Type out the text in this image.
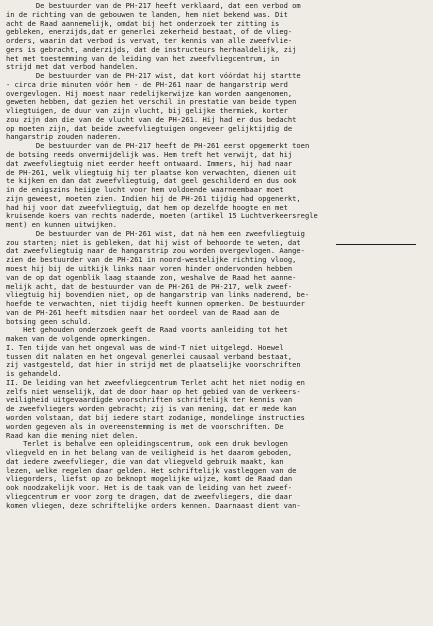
De bestuurder van de PH-217 heeft verklaard, dat een verbod om
in de richting van de gebouwen te landen, hem niet bekend was. Dit
acht de Raad aannemelijk, omdat bij het onderzoek ter zitting is
gebleken, enerzijds,dat er generlei zekerheid bestaat, of de vlieg-
orders, waarin dat verbod is vervat, ter kennis van alle zweefvlie-
gers is gebracht, anderzijds, dat de instructeurs herhaaldelijk, zij
het met toestemming van de leiding van het zweefvliegcentrum, in
strijd met dat verbod handelen.
De bestuurder van de PH-217 wist, dat kort vóórdat hij startte
- circa drie minuten vóór hem - de PH-261 naar de hangarstrip werd
overgevlogen. Hij moest naar redelijkerwijze kan worden aangenomen,
geweten hebben, dat gezien het verschil in prestatie van beide typen
vliegtuigen, de duur van zijn vlucht, bij gelijke thermiek, korter
zou zijn dan die van de vlucht van de PH-261. Hij had er dus bedacht
op moeten zijn, dat beide zweefvliegtuigen ongeveer gelijktijdig de
hangarstrip zouden naderen.
De bestuurder van de PH-217 heeft de PH-261 eerst opgemerkt toen
de botsing reeds onvermijdelijk was. Hem treft het verwijt, dat hij
dat zweefvliegtuig niet eerder heeft ontwaard. Immers, hij had naar
de PH-261, welk vliegtuig hij ter plaatse kon verwachten, dienen uit
te kijken en dan dat zweefvliegtuig, dat geel geschilderd en dus ook
in de enigszins heiige lucht voor hem voldoende waarneembaar moet
zijn geweest, moeten zien. Indien hij de PH-261 tijdig had opgenerkt,
had hij voor dat zweefvliegtuig, dat hem op dezelfde hoogte en met
kruisende koers van rechts naderde, moeten (artikel 15 Luchtverkeersregle
ment) en kunnen uitwijken.
De bestuurder van de PH-261 wist, dat nà hem een zweefvliegtuig
zou starten; niet is gebleken, dat hij wist of behoorde te weten, dat
dat zweefvliegtuig naar de hangarstrip zou worden overgevlogen. Aange-
zien de bestuurder van de PH-261 in noord-westelijke richting vloog,
moest hij bij de uitkijk links naar voren hinder ondervonden hebben
van de op dat ogenblik laag staande zon, weshalve de Raad het aanne-
melijk acht, dat de bestuurder van de PH-261 de PH-217, welk zweef-
vliegtuig hij bovendien niet, op de hangarstrip van links naderend, be-
hoefde te verwachten, niet tijdig heeft kunnen opmerken. De bestuurder
van de PH-261 heeft mitsdien naar het oordeel van de Raad aan de
botsing geen schuld.
Het gehouden onderzoek geeft de Raad voorts aanleiding tot het
maken van de volgende opmerkingen.
I. Ten tijde van het ongeval was de wind-T niet uitgelegd. Hoewel
tussen dit nalaten en het ongeval generlei causaal verband bestaat,
zij vastgesteld, dat hier in strijd met de plaatselijke voorschriften
is gehandeld.
II. De leiding van het zweefvliegcentrum Terlet acht het niet nodig en
zelfs niet wenselijk, dat de door haar op het gebied van de verkeers-
veiligheid uitgevaardigde voorschriften schriftelijk ter kennis van
de zweefvliegers worden gebracht; zij is van mening, dat er mede kan
worden volstaan, dat bij iedere start zodanige, mondelinge instructies
worden gegeven als in overeenstemming is met de voorschriften. De
Raad kan die mening niet delen.
Terlet is behalve een opleidingscentrum, ook een druk bevlogen
vliegveld en in het belang van de veiligheid is het daarom geboden,
dat iedere zweefvlieger, die van dat vliegveld gebruik maakt, kan
lezen, welke regelen daar gelden. Het schriftelijk vastleggen van de
vliegorders, liefst op zo beknopt mogelijke wijze, komt de Raad dan
ook noodzakelijk voor. Het is de taak van de leiding van het zweef-
vliegcentrum er voor zorg te dragen, dat de zweefvliegers, die daar
komen vliegen, deze schriftelijke orders kennen. Daarnaast dient van-
